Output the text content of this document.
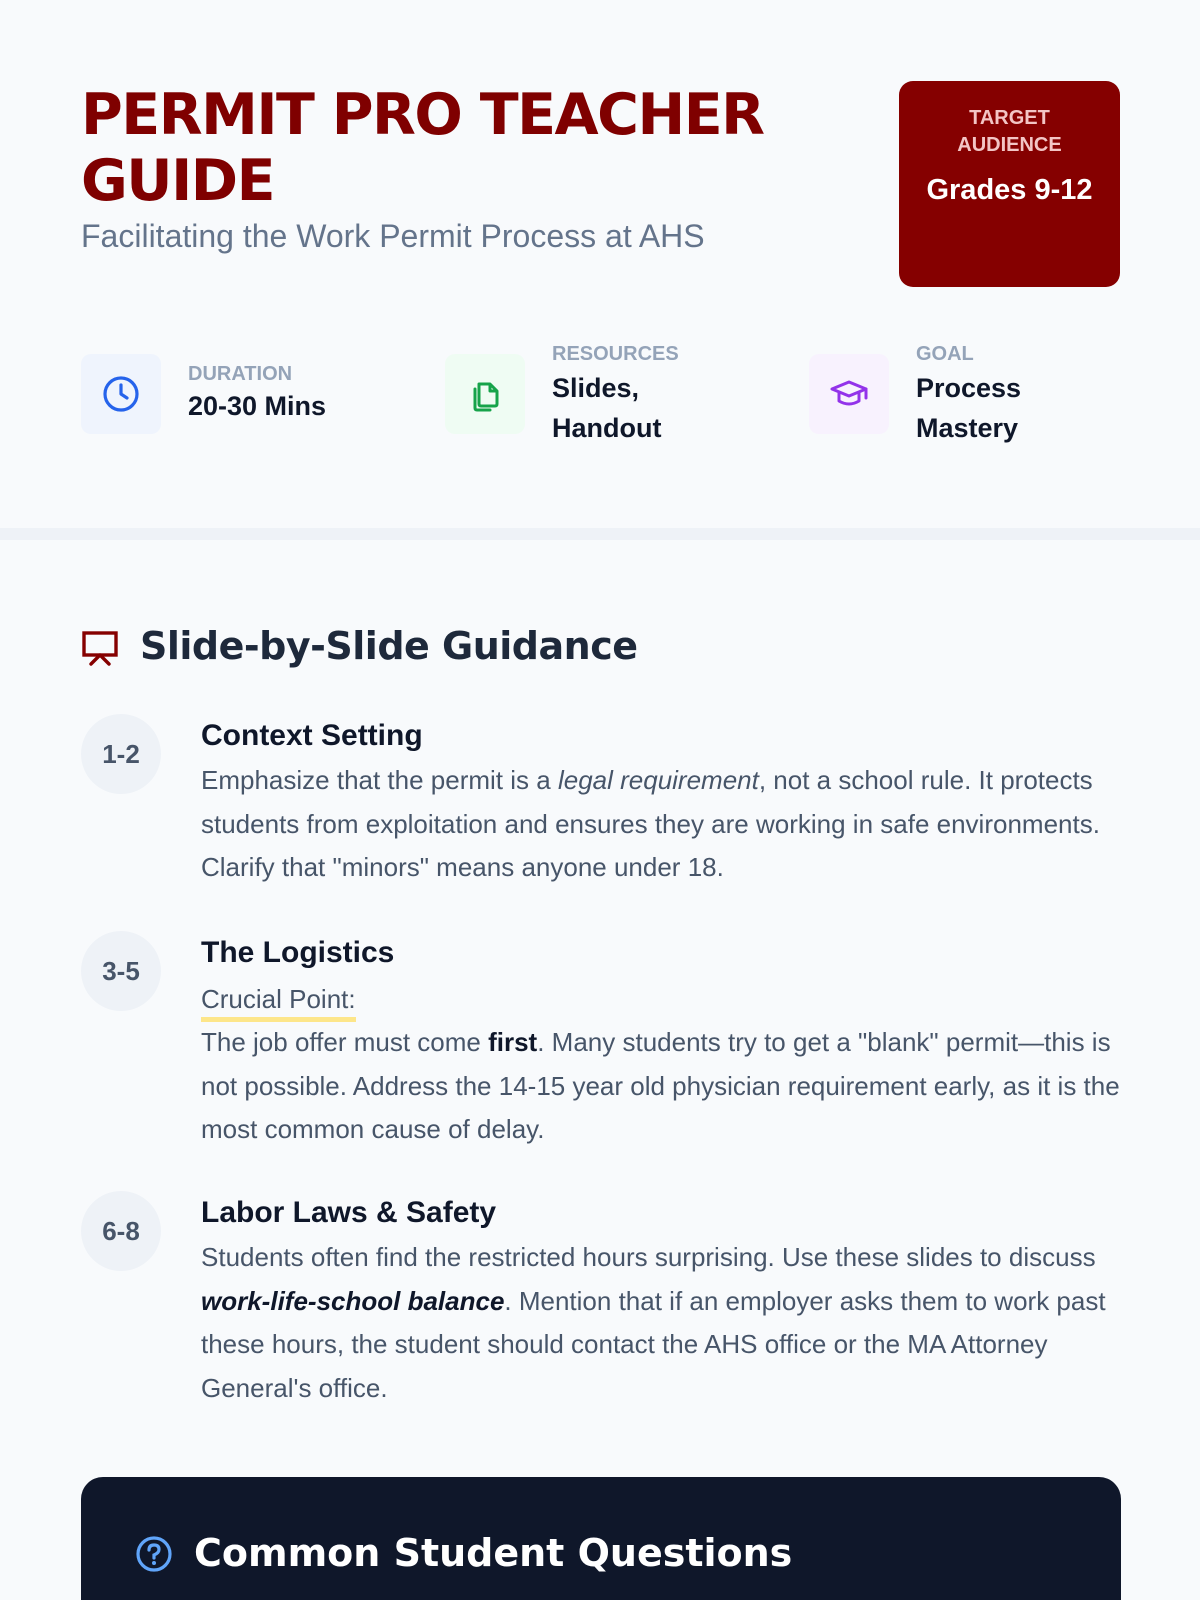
PERMIT PRO TEACHER GUIDE
Facilitating the Work Permit Process at AHS
TARGET AUDIENCE
Grades 9-12
DURATION
20-30 Mins
RESOURCES
Slides, Handout
GOAL
Process Mastery
Slide-by-Slide Guidance
1-2
Context Setting
Emphasize that the permit is a legal requirement, not a school rule. It protects students from exploitation and ensures they are working in safe environments. Clarify that "minors" means anyone under 18.
3-5
The Logistics
Crucial Point:
The job offer must come first. Many students try to get a "blank" permit—this is not possible. Address the 14-15 year old physician requirement early, as it is the most common cause of delay.
6-8
Labor Laws & Safety
Students often find the restricted hours surprising. Use these slides to discuss work-life-school balance. Mention that if an employer asks them to work past these hours, the student should contact the AHS office or the MA Attorney General's office.
Common Student Questions
